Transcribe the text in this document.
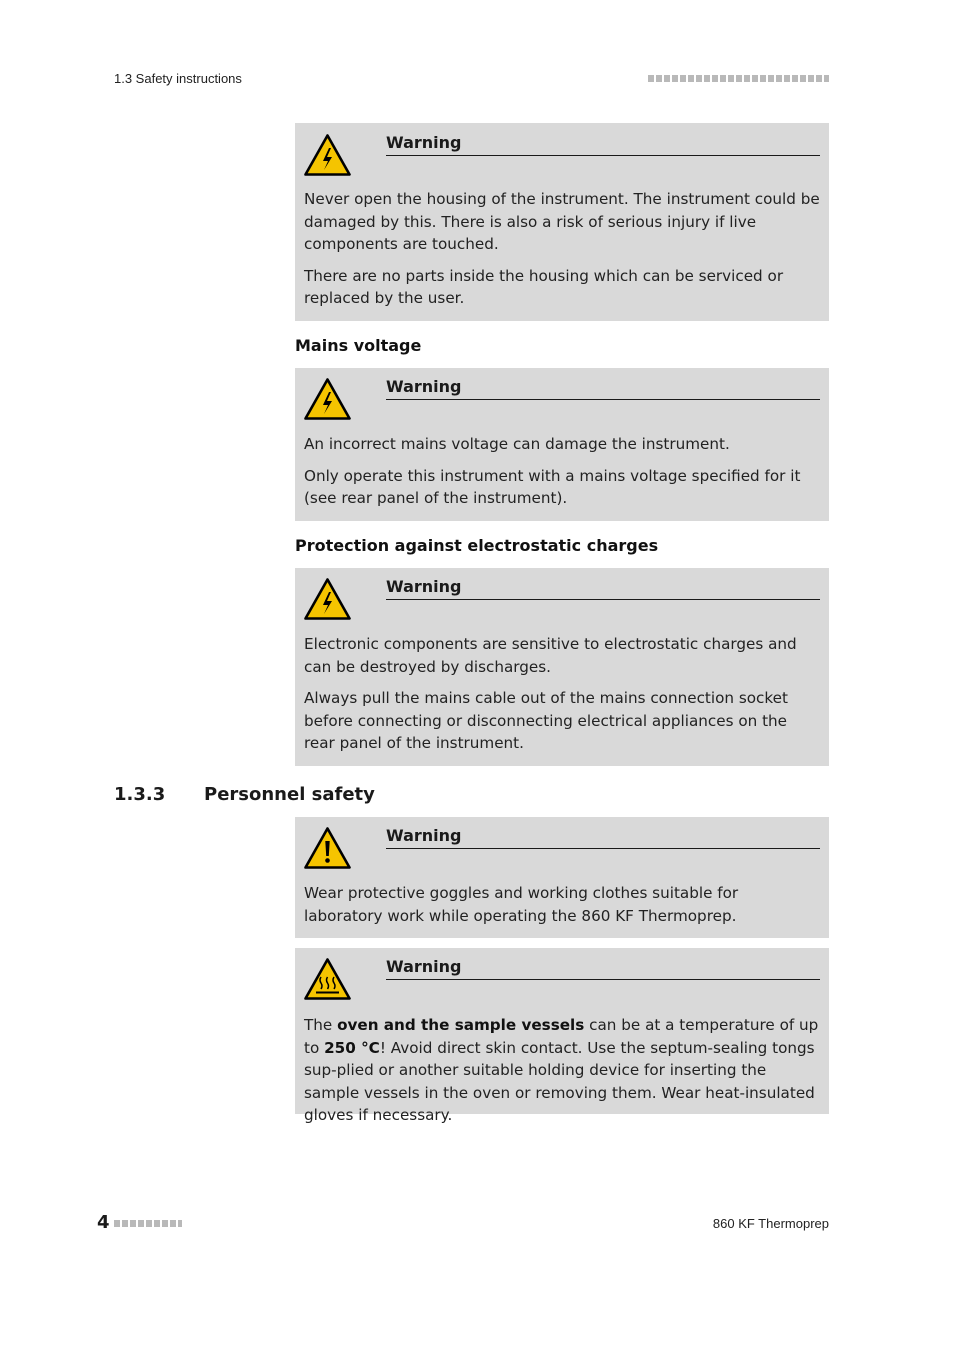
1.3 Safety instructions
Warning

Never open the housing of the instrument. The instrument could be damaged by this. There is also a risk of serious injury if live components are touched.

There are no parts inside the housing which can be serviced or replaced by the user.

Mains voltage
Warning

An incorrect mains voltage can damage the instrument.

Only operate this instrument with a mains voltage specified for it (see rear panel of the instrument).

Protection against electrostatic charges
Warning

Electronic components are sensitive to electrostatic charges and can be destroyed by discharges.

Always pull the mains cable out of the mains connection socket before connecting or disconnecting electrical appliances on the rear panel of the instrument.

1.3.3 Personnel safety
Warning

Wear protective goggles and working clothes suitable for laboratory work while operating the 860 KF Thermoprep.

Warning

The oven and the sample vessels can be at a temperature of up to 250 °C! Avoid direct skin contact. Use the septum-sealing tongs sup-plied or another suitable holding device for inserting the sample vessels in the oven or removing them. Wear heat-insulated gloves if necessary.

4	860 KF Thermoprep
